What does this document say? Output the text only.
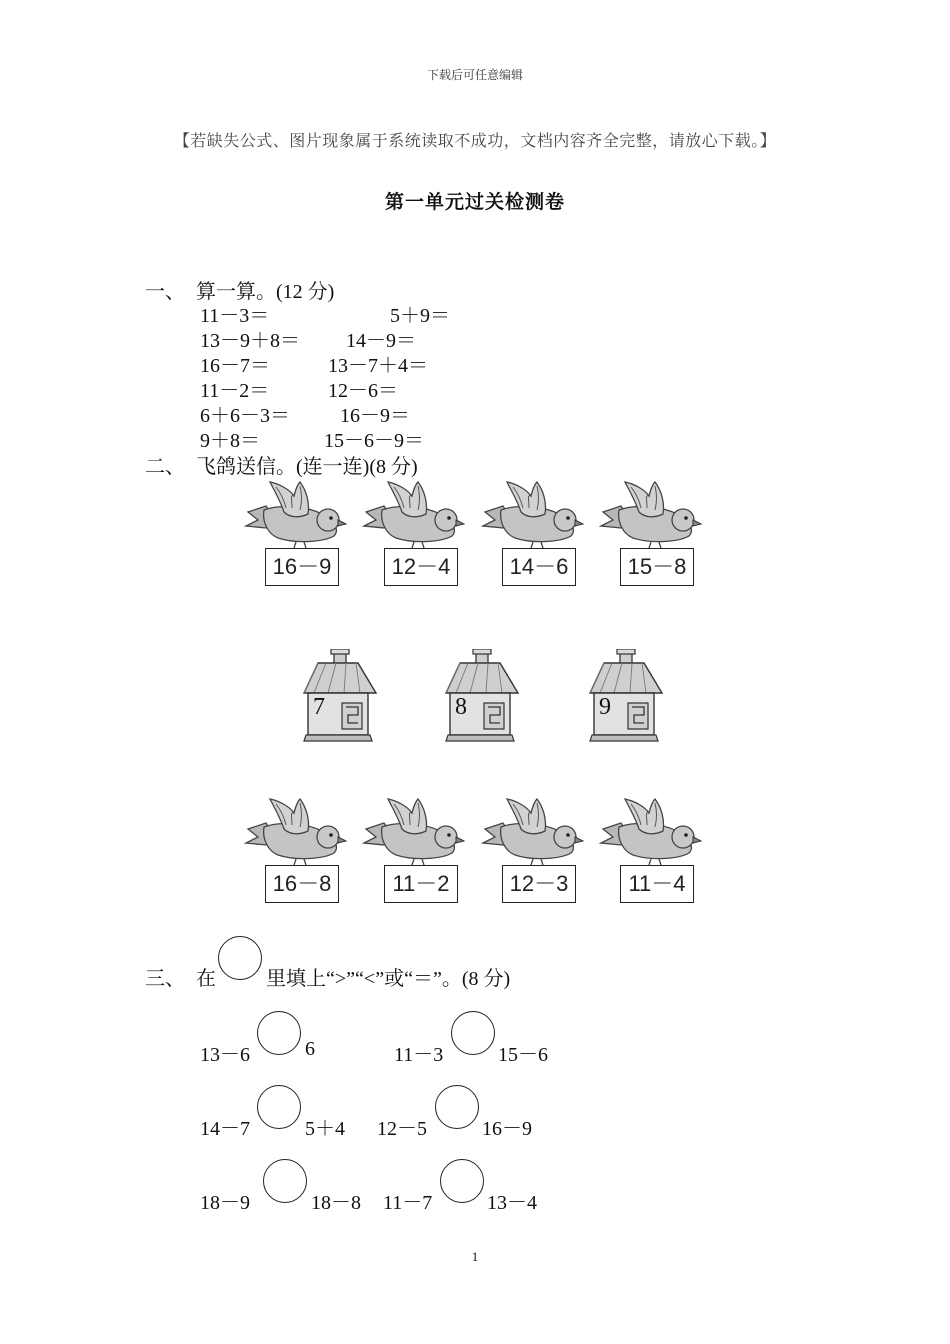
下载后可任意编辑
【若缺失公式、图片现象属于系统读取不成功，文档内容齐全完整，请放心下载。】
第一单元过关检测卷
一、 算一算。(12 分)
11－3＝	5＋9＝
13－9＋8＝ 14－9＝
16－7＝	13－7＋4＝
11－2＝	12－6＝
6＋6－3＝	16－9＝
9＋8＝	15－6－9＝
二、 飞鸽送信。(连一连)(8 分)
16－9	12－4	14－6	15－8
7	8	9
16－8	11－2	12－3	11－4
三、 在	里填上“>”“<”或“＝”。(8 分)
13－6	6	11－3	15－6
14－7	5＋4 12－5	16－9
18－9	18－8 11－7	13－4
1
